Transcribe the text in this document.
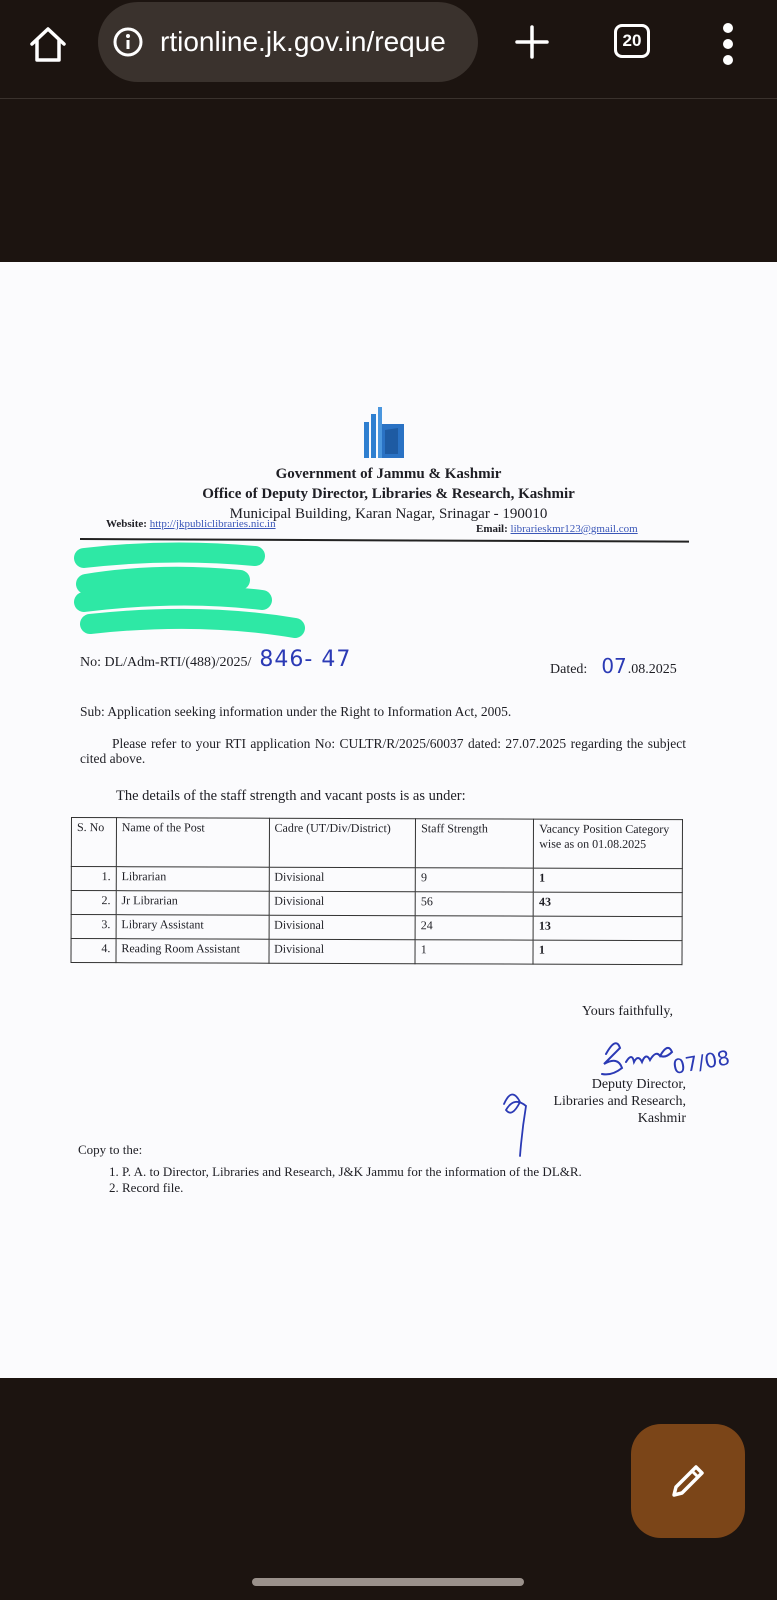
rtionline.jk.gov.in/reque	20
Government of Jammu & Kashmir
Office of Deputy Director, Libraries & Research, Kashmir
Municipal Building, Karan Nagar, Srinagar - 190010
Website: http://jkpubliclibraries.nic.in	Email: librarieskmr123@gmail.com
No: DL/Adm-RTI/(488)/2025/ 846- 47	Dated: 07.08.2025
Sub: Application seeking information under the Right to Information Act, 2005.
Please refer to your RTI application No: CULTR/R/2025/60037 dated: 27.07.2025 regarding the subject cited above.
The details of the staff strength and vacant posts is as under:
S. No	Name of the Post	Cadre (UT/Div/District)	Staff Strength	Vacancy Position Category wise as on 01.08.2025
1.	Librarian	Divisional	9	1
2.	Jr Librarian	Divisional	56	43
3.	Library Assistant	Divisional	24	13
4.	Reading Room Assistant	Divisional	1	1
Yours faithfully,
07/08
Deputy Director,
Libraries and Research,
Kashmir
Copy to the:
1. P. A. to Director, Libraries and Research, J&K Jammu for the information of the DL&R.
2. Record file.
